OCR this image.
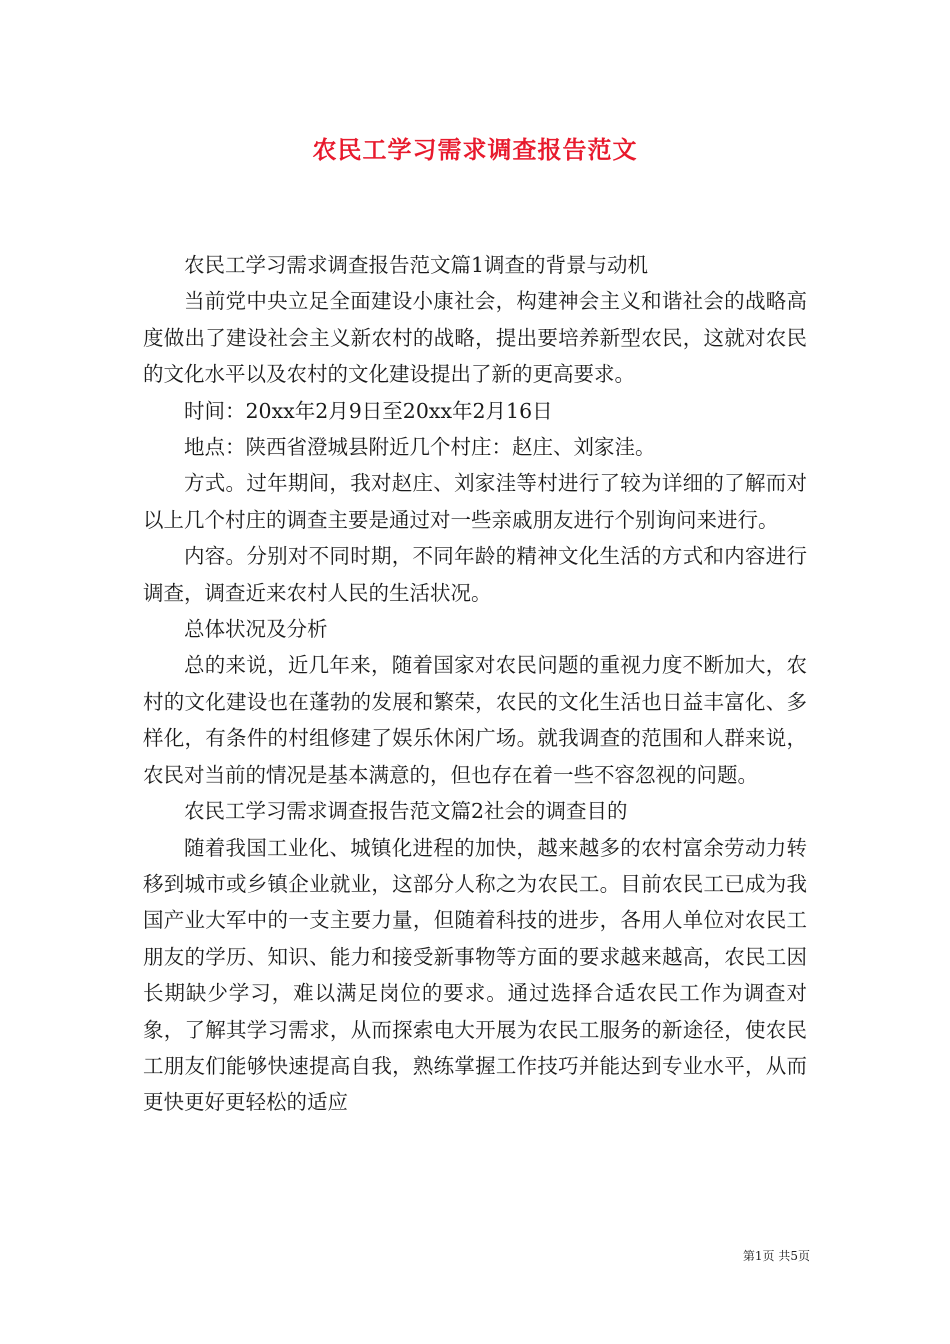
农民工学习需求调查报告范文

农民工学习需求调查报告范文篇1调查的背景与动机

当前党中央立足全面建设小康社会，构建神会主义和谐社会的战略高度做出了建设社会主义新农村的战略，提出要培养新型农民，这就对农民的文化水平以及农村的文化建设提出了新的更高要求。

时间：20xx年2月9日至20xx年2月16日

地点：陕西省澄城县附近几个村庄：赵庄、刘家洼。

方式。过年期间，我对赵庄、刘家洼等村进行了较为详细的了解而对以上几个村庄的调查主要是通过对一些亲戚朋友进行个别询问来进行。

内容。分别对不同时期，不同年龄的精神文化生活的方式和内容进行调查，调查近来农村人民的生活状况。

总体状况及分析

总的来说，近几年来，随着国家对农民问题的重视力度不断加大，农村的文化建设也在蓬勃的发展和繁荣，农民的文化生活也日益丰富化、多样化，有条件的村组修建了娱乐休闲广场。就我调查的范围和人群来说，农民对当前的情况是基本满意的，但也存在着一些不容忽视的问题。

农民工学习需求调查报告范文篇2社会的调查目的

随着我国工业化、城镇化进程的加快，越来越多的农村富余劳动力转移到城市或乡镇企业就业，这部分人称之为农民工。目前农民工已成为我国产业大军中的一支主要力量，但随着科技的进步，各用人单位对农民工朋友的学历、知识、能力和接受新事物等方面的要求越来越高，农民工因长期缺少学习，难以满足岗位的要求。通过选择合适农民工作为调查对象，了解其学习需求，从而探索电大开展为农民工服务的新途径，使农民工朋友们能够快速提高自我，熟练掌握工作技巧并能达到专业水平，从而更快更好更轻松的适应

第1页 共5页
